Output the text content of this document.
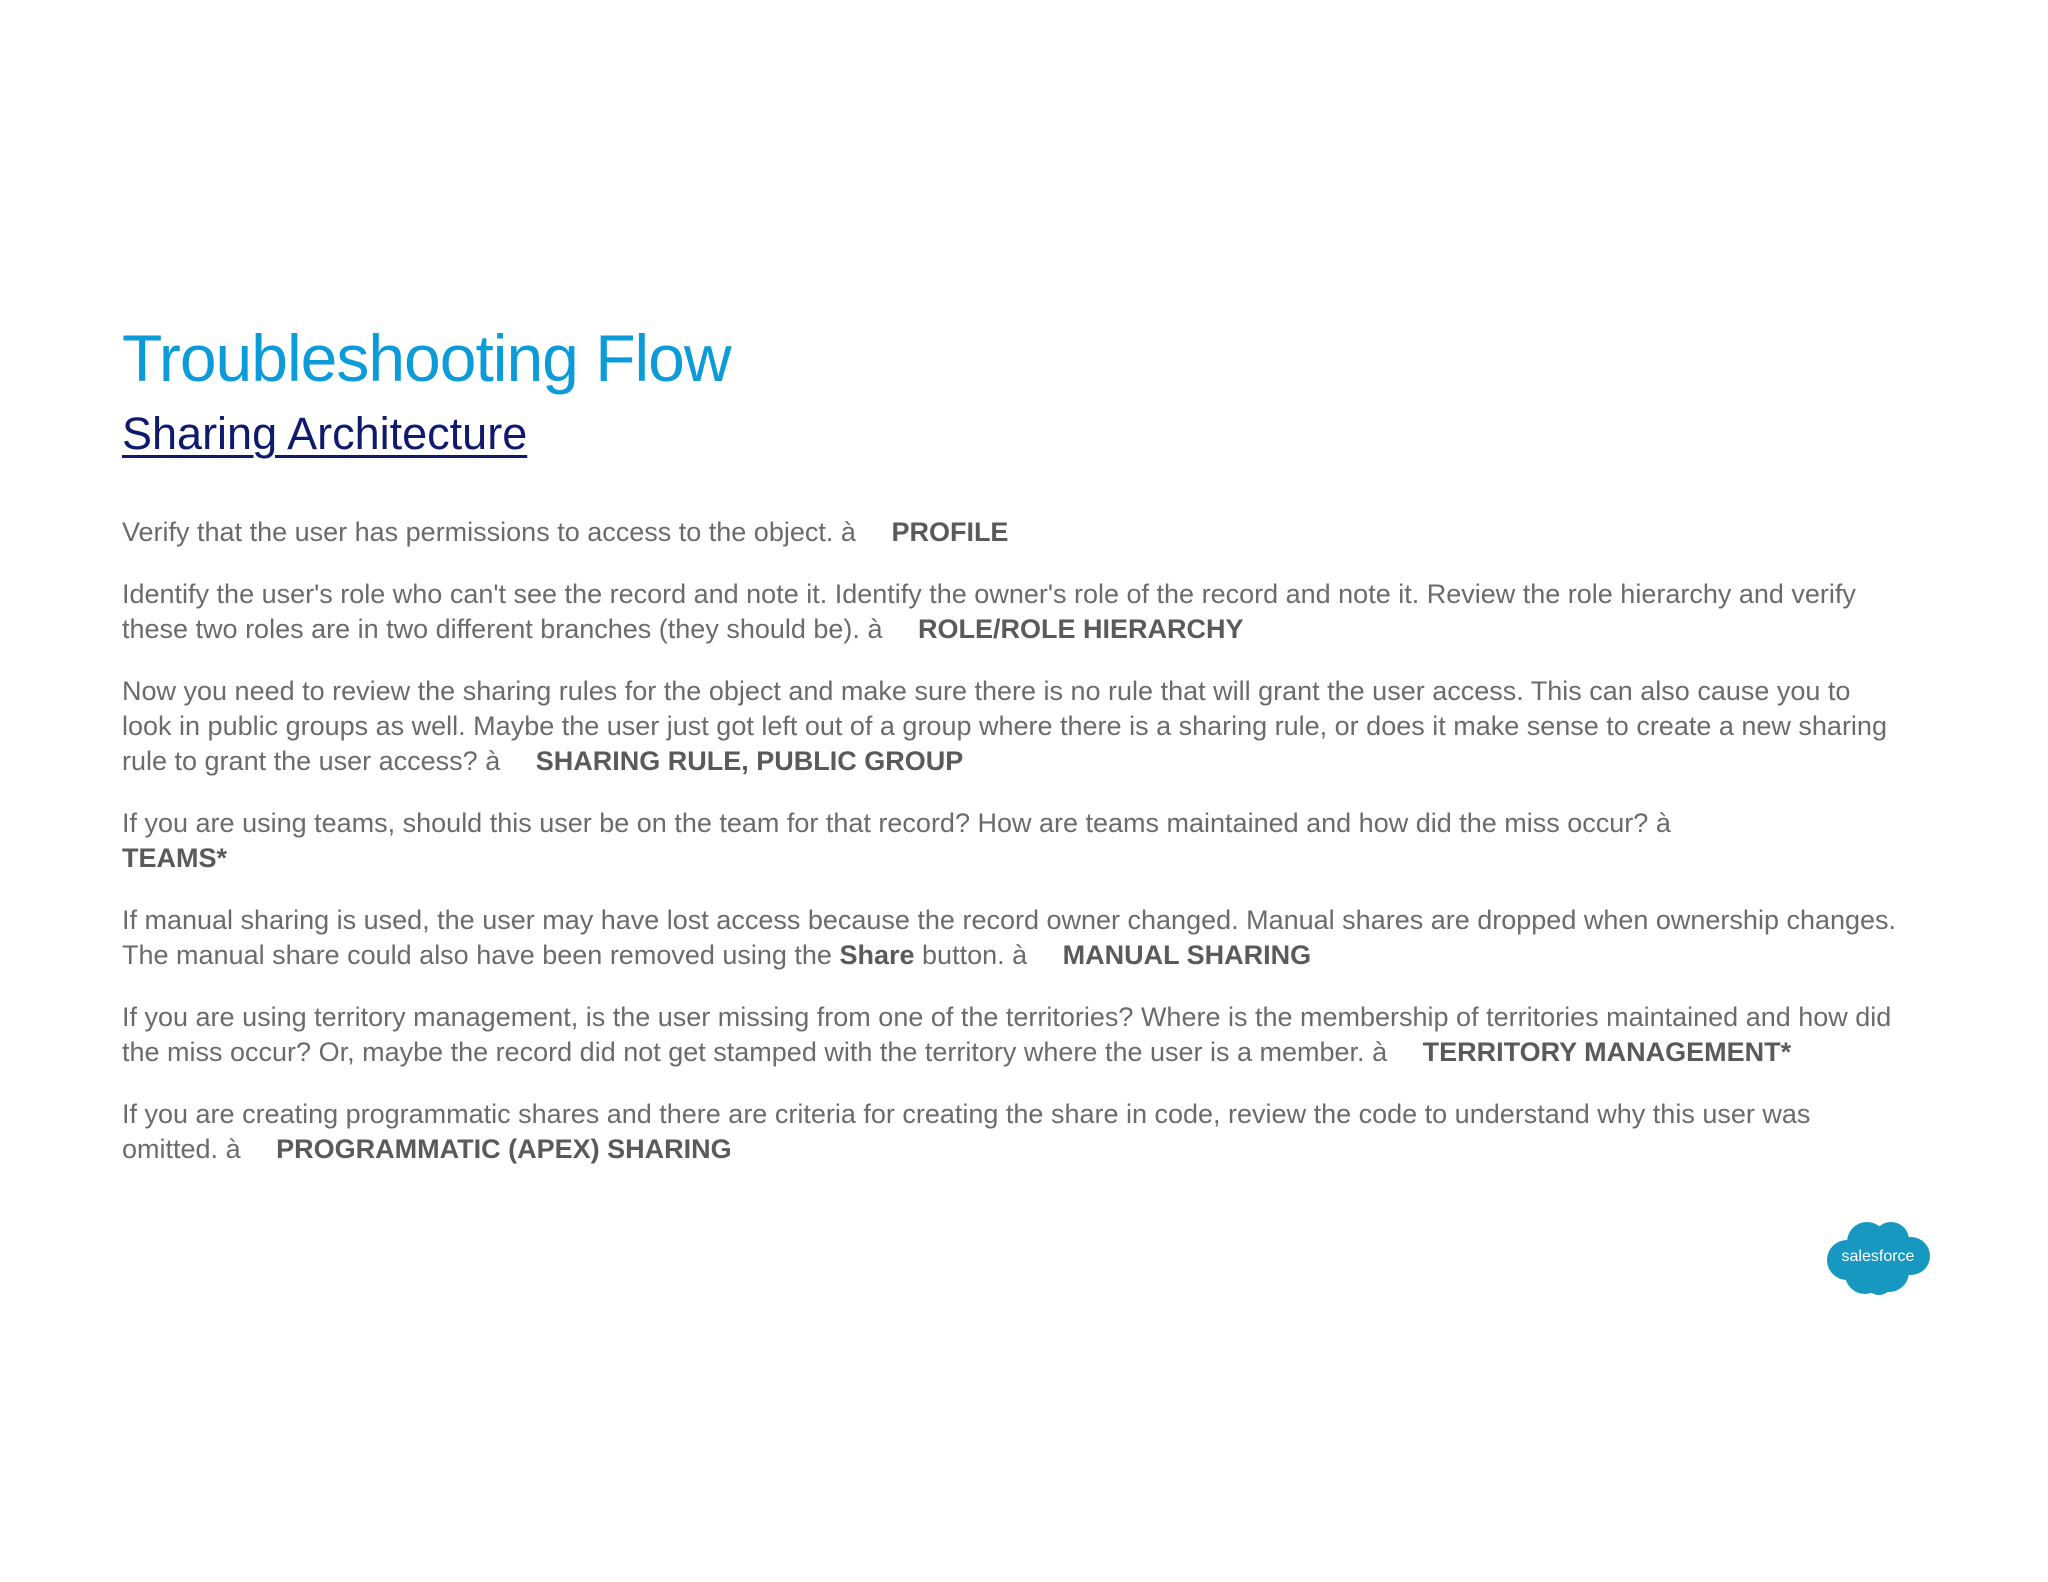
Troubleshooting Flow
Sharing Architecture

Verify that the user has permissions to access to the object. à PROFILE

Identify the user's role who can't see the record and note it. Identify the owner's role of the record and note it. Review the role hierarchy and verify these two roles are in two different branches (they should be). à ROLE/ROLE HIERARCHY

Now you need to review the sharing rules for the object and make sure there is no rule that will grant the user access. This can also cause you to look in public groups as well. Maybe the user just got left out of a group where there is a sharing rule, or does it make sense to create a new sharing rule to grant the user access? à SHARING RULE, PUBLIC GROUP

If you are using teams, should this user be on the team for that record? How are teams maintained and how did the miss occur? à
TEAMS*

If manual sharing is used, the user may have lost access because the record owner changed. Manual shares are dropped when ownership changes. The manual share could also have been removed using the Share button. à MANUAL SHARING

If you are using territory management, is the user missing from one of the territories? Where is the membership of territories maintained and how did the miss occur? Or, maybe the record did not get stamped with the territory where the user is a member. à TERRITORY MANAGEMENT*

If you are creating programmatic shares and there are criteria for creating the share in code, review the code to understand why this user was omitted. à PROGRAMMATIC (APEX) SHARING

salesforce
